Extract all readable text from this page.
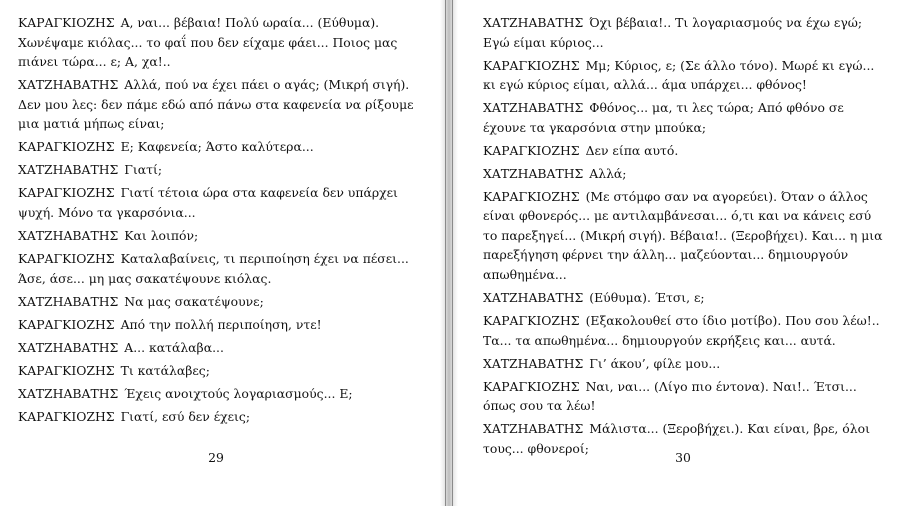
ΚΑΡΑΓΚΙΟΖΗΣ Α, ναι... βέβαια! Πολύ ωραία... (Εύθυμα). Χωνέψαμε κιόλας... το φαΐ που δεν είχαμε φάει... Ποιος μας πιάνει τώρα... ε; Α, χα!..

ΧΑΤΖΗΑΒΑΤΗΣ Αλλά, πού να έχει πάει ο αγάς; (Μικρή σιγή). Δεν μου λες: δεν πάμε εδώ από πάνω στα καφενεία να ρίξουμε μια ματιά μήπως είναι;

ΚΑΡΑΓΚΙΟΖΗΣ Ε; Καφενεία; Άστο καλύτερα...

ΧΑΤΖΗΑΒΑΤΗΣ Γιατί;

ΚΑΡΑΓΚΙΟΖΗΣ Γιατί τέτοια ώρα στα καφενεία δεν υπάρχει ψυχή. Μόνο τα γκαρσόνια...

ΧΑΤΖΗΑΒΑΤΗΣ Και λοιπόν;

ΚΑΡΑΓΚΙΟΖΗΣ Καταλαβαίνεις, τι περιποίηση έχει να πέσει... Άσε, άσε... μη μας σακατέψουνε κιόλας.

ΧΑΤΖΗΑΒΑΤΗΣ Να μας σακατέψουνε;

ΚΑΡΑΓΚΙΟΖΗΣ Από την πολλή περιποίηση, ντε!

ΧΑΤΖΗΑΒΑΤΗΣ Α... κατάλαβα...

ΚΑΡΑΓΚΙΟΖΗΣ Τι κατάλαβες;

ΧΑΤΖΗΑΒΑΤΗΣ Έχεις ανοιχτούς λογαριασμούς... Ε;

ΚΑΡΑΓΚΙΟΖΗΣ Γιατί, εσύ δεν έχεις;

29

ΧΑΤΖΗΑΒΑΤΗΣ Όχι βέβαια!.. Τι λογαριασμούς να έχω εγώ; Εγώ είμαι κύριος...

ΚΑΡΑΓΚΙΟΖΗΣ Μμ; Κύριος, ε; (Σε άλλο τόνο). Μωρέ κι εγώ... κι εγώ κύριος είμαι, αλλά... άμα υπάρχει... φθόνος!

ΧΑΤΖΗΑΒΑΤΗΣ Φθόνος... μα, τι λες τώρα; Από φθόνο σε έχουνε τα γκαρσόνια στην μπούκα;

ΚΑΡΑΓΚΙΟΖΗΣ Δεν είπα αυτό.

ΧΑΤΖΗΑΒΑΤΗΣ Αλλά;

ΚΑΡΑΓΚΙΟΖΗΣ (Με στόμφο σαν να αγορεύει). Όταν ο άλλος είναι φθονερός... με αντιλαμβάνεσαι... ό,τι και να κάνεις εσύ το παρεξηγεί... (Μικρή σιγή). Βέβαια!.. (Ξεροβήχει). Και... η μια παρεξήγηση φέρνει την άλλη... μαζεύονται... δημιουργούν απωθημένα...

ΧΑΤΖΗΑΒΑΤΗΣ (Εύθυμα). Έτσι, ε;

ΚΑΡΑΓΚΙΟΖΗΣ (Εξακολουθεί στο ίδιο μοτίβο). Που σου λέω!.. Τα... τα απωθημένα... δημιουργούν εκρήξεις και... αυτά.

ΧΑΤΖΗΑΒΑΤΗΣ Γι’ άκου’, φίλε μου...

ΚΑΡΑΓΚΙΟΖΗΣ Ναι, ναι... (Λίγο πιο έντονα). Ναι!.. Έτσι... όπως σου τα λέω!

ΧΑΤΖΗΑΒΑΤΗΣ Μάλιστα... (Ξεροβήχει.). Και είναι, βρε, όλοι τους... φθονεροί;

30
